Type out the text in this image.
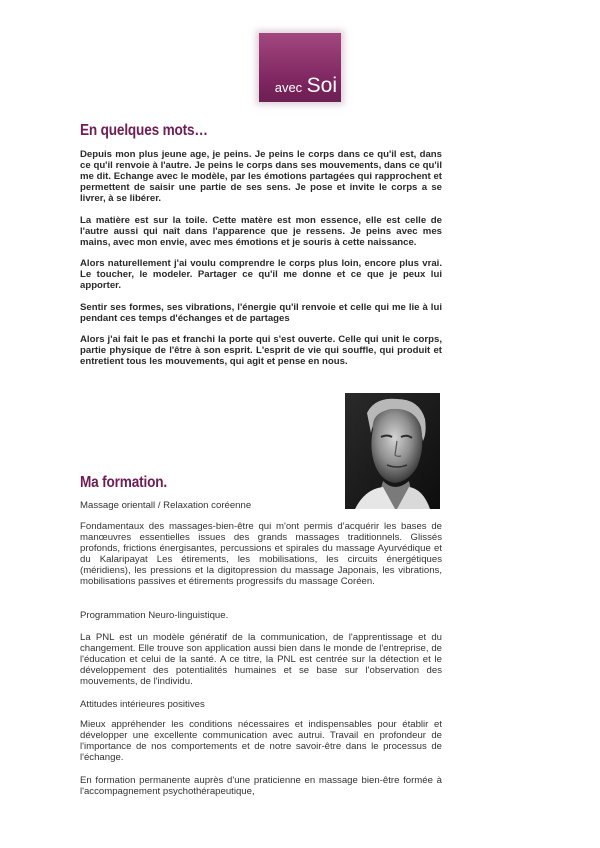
avec Soi
En quelques mots…

Depuis mon plus jeune age, je peins. Je peins le corps dans ce qu'il est, dans ce qu'il renvoie à l'autre. Je peins le corps dans ses mouvements, dans ce qu'il me dit. Echange avec le modèle, par les émotions partagées qui rapprochent et permettent de saisir une partie de ses sens. Je pose et invite le corps a se livrer, à se libérer.

La matière est sur la toile. Cette matère est mon essence, elle est celle de l'autre aussi qui naît dans l'apparence que je ressens. Je peins avec mes mains, avec mon envie, avec mes émotions et je souris à cette naissance.

Alors naturellement j'ai voulu comprendre le corps plus loin, encore plus vrai. Le toucher, le modeler. Partager ce qu'il me donne et ce que je peux lui apporter.

Sentir ses formes, ses vibrations, l'énergie qu'il renvoie et celle qui me lie à lui pendant ces temps d'échanges et de partages

Alors j'ai fait le pas et franchi la porte qui s'est ouverte. Celle qui unit le corps, partie physique de l'être à son esprit. L'esprit de vie qui souffle, qui produit et entretient tous les mouvements, qui agit et pense en nous.

Ma formation.

Massage orientall / Relaxation coréenne

Fondamentaux des massages-bien-être qui m'ont permis d'acquérir les bases de manœuvres essentielles issues des grands massages traditionnels. Glissés profonds, frictions énergisantes, percussions et spirales du massage Ayurvédique et du Kalaripayat Les étirements, les mobilisations, les circuits énergétiques (méridiens), les pressions et la digitopression du massage Japonais, les vibrations, mobilisations passives et étirements progressifs du massage Coréen.

Programmation Neuro-linguistique.

La PNL est un modèle génératif de la communication, de l'apprentissage et du changement. Elle trouve son application aussi bien dans le monde de l'entreprise, de l'éducation et celui de la santé. A ce titre, la PNL est centrée sur la détection et le développement des potentialités humaines et se base sur l'observation des mouvements, de l'individu.

Attitudes intérieures positives

Mieux appréhender les conditions nécessaires et indispensables pour établir et développer une excellente communication avec autrui. Travail en profondeur de l'importance de nos comportements et de notre savoir-être dans le processus de l'échange.

En formation permanente auprès d'une praticienne en massage bien-être formée à l'accompagnement psychothérapeutique,
